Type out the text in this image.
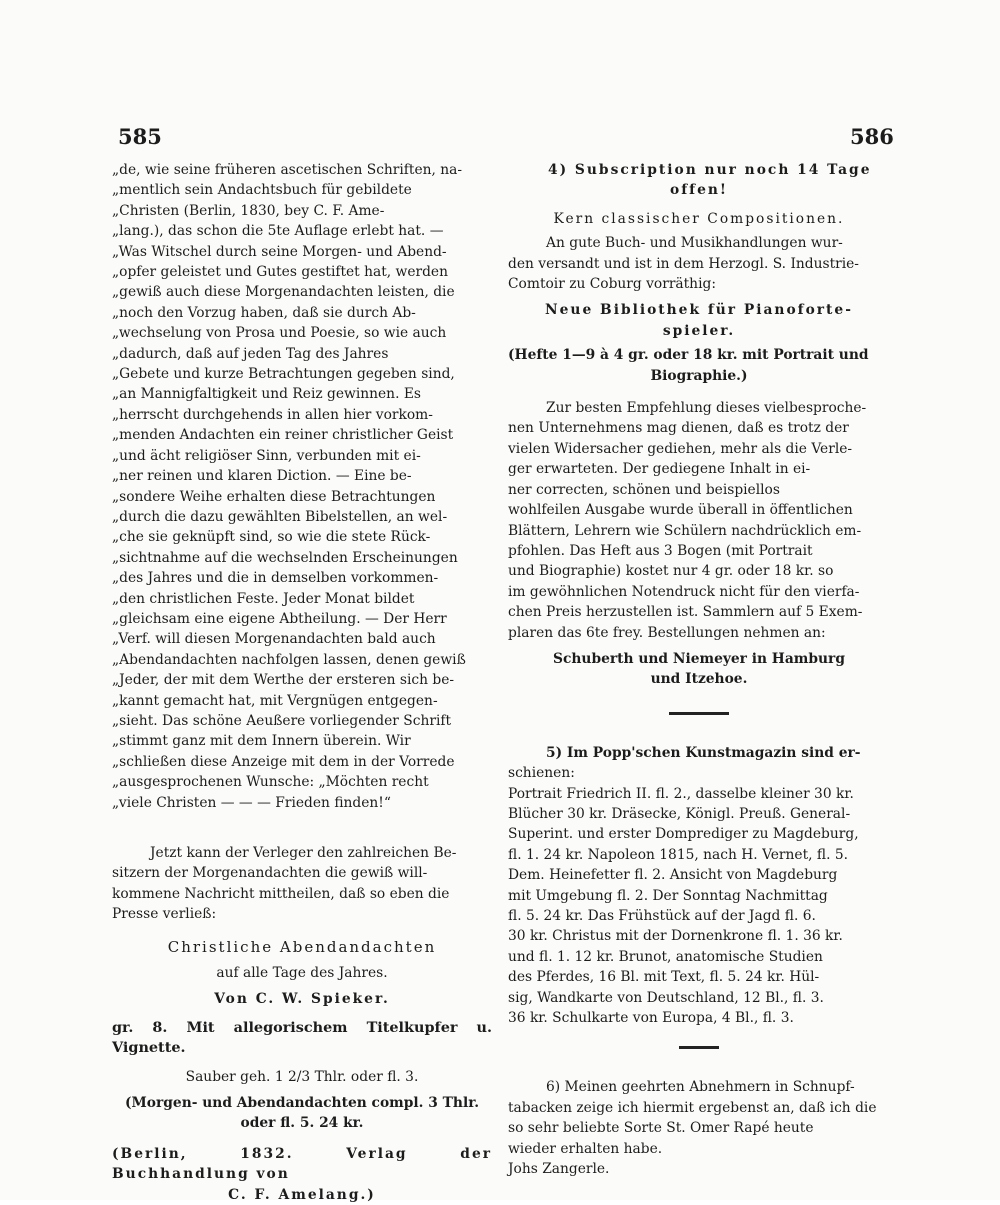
585	586

„de, wie seine früheren ascetischen Schriften, na-

„mentlich sein Andachtsbuch für gebildete

„Christen (Berlin, 1830, bey C. F. Ame-

„lang.), das schon die 5te Auflage erlebt hat. —

„Was Witschel durch seine Morgen- und Abend-

„opfer geleistet und Gutes gestiftet hat, werden

„gewiß auch diese Morgenandachten leisten, die

„noch den Vorzug haben, daß sie durch Ab-

„wechselung von Prosa und Poesie, so wie auch

„dadurch, daß auf jeden Tag des Jahres

„Gebete und kurze Betrachtungen gegeben sind,

„an Mannigfaltigkeit und Reiz gewinnen. Es

„herrscht durchgehends in allen hier vorkom-

„menden Andachten ein reiner christlicher Geist

„und ächt religiöser Sinn, verbunden mit ei-

„ner reinen und klaren Diction. — Eine be-

„sondere Weihe erhalten diese Betrachtungen

„durch die dazu gewählten Bibelstellen, an wel-

„che sie geknüpft sind, so wie die stete Rück-

„sichtnahme auf die wechselnden Erscheinungen

„des Jahres und die in demselben vorkommen-

„den christlichen Feste. Jeder Monat bildet

„gleichsam eine eigene Abtheilung. — Der Herr

„Verf. will diesen Morgenandachten bald auch

„Abendandachten nachfolgen lassen, denen gewiß

„Jeder, der mit dem Werthe der ersteren sich be-

„kannt gemacht hat, mit Vergnügen entgegen-

„sieht. Das schöne Aeußere vorliegender Schrift

„stimmt ganz mit dem Innern überein. Wir

„schließen diese Anzeige mit dem in der Vorrede

„ausgesprochenen Wunsche: „Möchten recht

„viele Christen — — — Frieden finden!“

Jetzt kann der Verleger den zahlreichen Be-

sitzern der Morgenandachten die gewiß will-

kommene Nachricht mittheilen, daß so eben die

Presse verließ:

Christliche Abendandachten

auf alle Tage des Jahres.

Von C. W. Spieker.

gr. 8. Mit allegorischem Titelkupfer u. Vignette.

Sauber geh. 1 2/3 Thlr. oder fl. 3.

(Morgen- und Abendandachten compl. 3 Thlr.

oder fl. 5. 24 kr.

(Berlin, 1832. Verlag der Buchhandlung von

C. F. Amelang.)

4) Subscription nur noch 14 Tage

offen!

Kern classischer Compositionen.

An gute Buch- und Musikhandlungen wur-

den versandt und ist in dem Herzogl. S. Industrie-

Comtoir zu Coburg vorräthig:

Neue Bibliothek für Pianoforte-

spieler.

(Hefte 1—9 à 4 gr. oder 18 kr. mit Portrait und

Biographie.)

Zur besten Empfehlung dieses vielbesproche-

nen Unternehmens mag dienen, daß es trotz der

vielen Widersacher gediehen, mehr als die Verle-

ger erwarteten. Der gediegene Inhalt in ei-

ner correcten, schönen und beispiellos

wohlfeilen Ausgabe wurde überall in öffentlichen

Blättern, Lehrern wie Schülern nachdrücklich em-

pfohlen. Das Heft aus 3 Bogen (mit Portrait

und Biographie) kostet nur 4 gr. oder 18 kr. so

im gewöhnlichen Notendruck nicht für den vierfa-

chen Preis herzustellen ist. Sammlern auf 5 Exem-

plaren das 6te frey. Bestellungen nehmen an:

Schuberth und Niemeyer in Hamburg

und Itzehoe.

5) Im Popp'schen Kunstmagazin sind er-

schienen:

Portrait Friedrich II. fl. 2., dasselbe kleiner 30 kr.

Blücher 30 kr. Dräsecke, Königl. Preuß. General-

Superint. und erster Domprediger zu Magdeburg,

fl. 1. 24 kr. Napoleon 1815, nach H. Vernet, fl. 5.

Dem. Heinefetter fl. 2. Ansicht von Magdeburg

mit Umgebung fl. 2. Der Sonntag Nachmittag

fl. 5. 24 kr. Das Frühstück auf der Jagd fl. 6.

30 kr. Christus mit der Dornenkrone fl. 1. 36 kr.

und fl. 1. 12 kr. Brunot, anatomische Studien

des Pferdes, 16 Bl. mit Text, fl. 5. 24 kr. Hül-

sig, Wandkarte von Deutschland, 12 Bl., fl. 3.

36 kr. Schulkarte von Europa, 4 Bl., fl. 3.

6) Meinen geehrten Abnehmern in Schnupf-

tabacken zeige ich hiermit ergebenst an, daß ich die

so sehr beliebte Sorte St. Omer Rapé heute

wieder erhalten habe.

Johs Zangerle.
